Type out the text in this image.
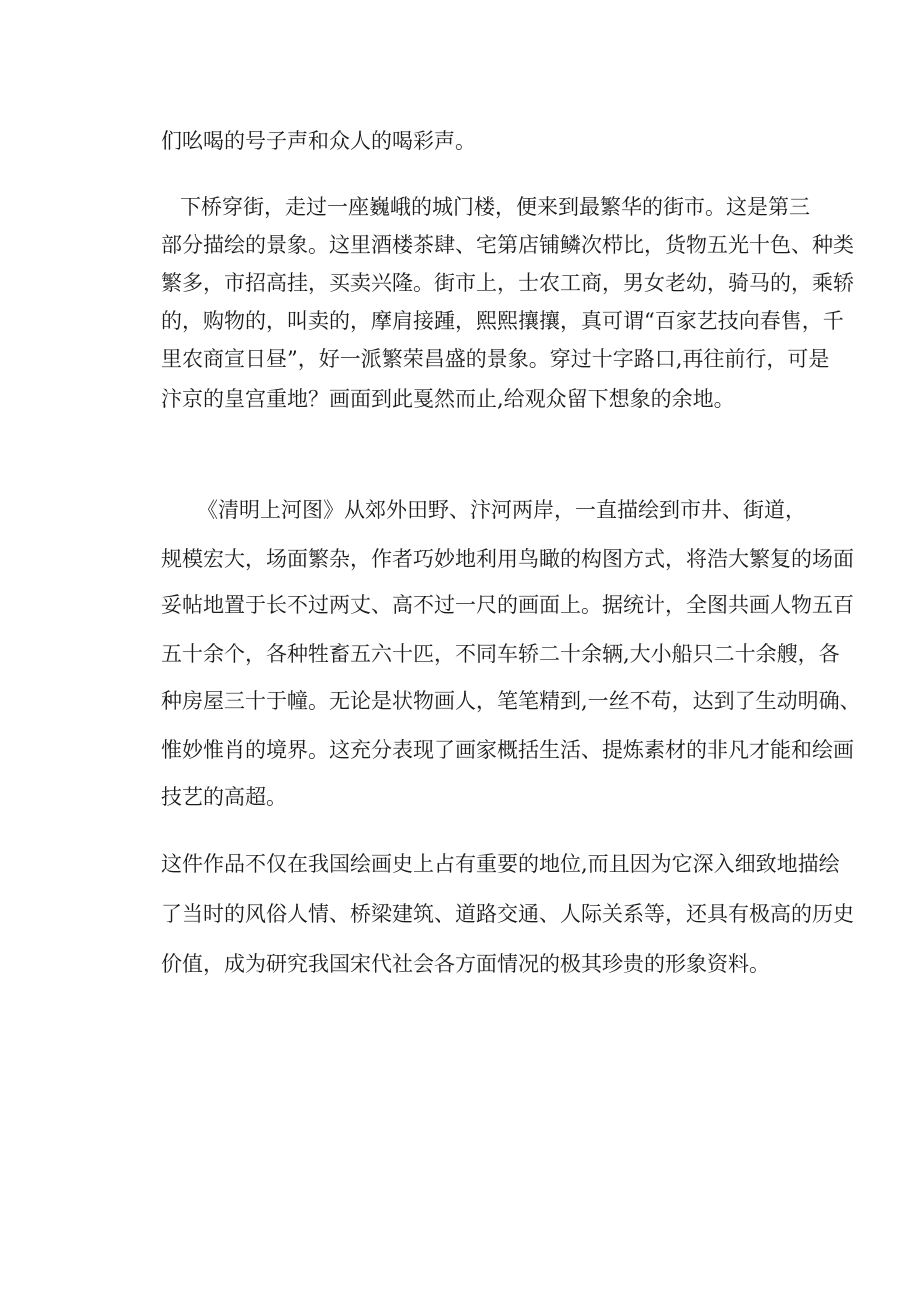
们吆喝的号子声和众人的喝彩声。

下桥穿街，走过一座巍峨的城门楼，便来到最繁华的街市。这是第三

部分描绘的景象。这里酒楼茶肆、宅第店铺鳞次栉比，货物五光十色、种类

繁多，市招高挂，买卖兴隆。街市上，士农工商，男女老幼，骑马的，乘轿

的，购物的，叫卖的，摩肩接踵，熙熙攘攘，真可谓“百家艺技向春售，千

里农商宣日昼”，好一派繁荣昌盛的景象。穿过十字路口,再往前行，可是

汴京的皇宫重地？画面到此戛然而止,给观众留下想象的余地。

《清明上河图》从郊外田野、汴河两岸，一直描绘到市井、街道，

规模宏大，场面繁杂，作者巧妙地利用鸟瞰的构图方式，将浩大繁复的场面

妥帖地置于长不过两丈、高不过一尺的画面上。据统计，全图共画人物五百

五十余个，各种牲畜五六十匹，不同车轿二十余辆,大小船只二十余艘，各

种房屋三十于幢。无论是状物画人，笔笔精到,一丝不苟，达到了生动明确、

惟妙惟肖的境界。这充分表现了画家概括生活、提炼素材的非凡才能和绘画

技艺的高超。

这件作品不仅在我国绘画史上占有重要的地位,而且因为它深入细致地描绘

了当时的风俗人情、桥梁建筑、道路交通、人际关系等，还具有极高的历史

价值，成为研究我国宋代社会各方面情况的极其珍贵的形象资料。
